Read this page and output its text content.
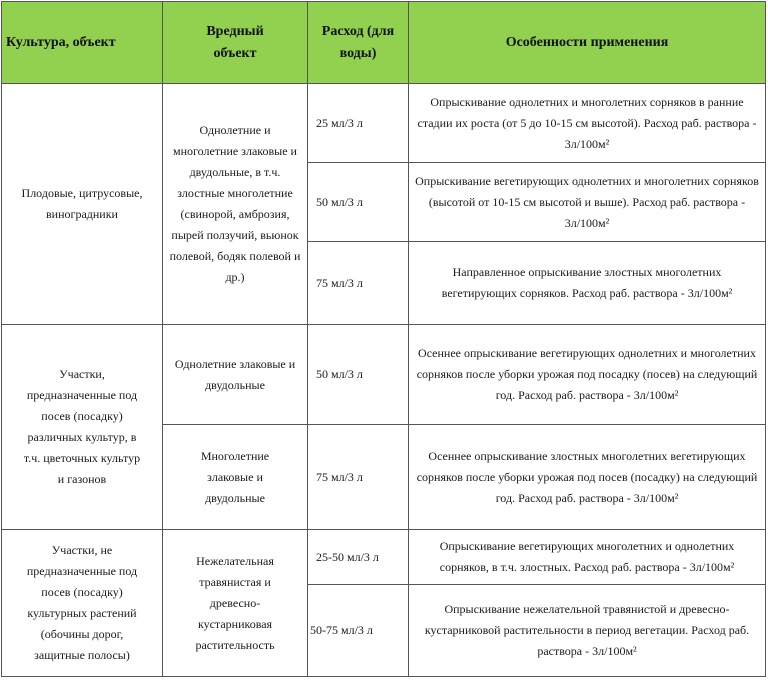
Культура, объект	Вредный объект	Расход (для воды)	Особенности применения
Плодовые, цитрусовые, виноградники	Однолетние и многолетние злаковые и двудольные, в т.ч. злостные многолетние (свинорой, амброзия, пырей ползучий, вьюнок полевой, бодяк полевой и др.)	25 мл/3 л	Опрыскивание однолетних и многолетних сорняков в ранние стадии их роста (от 5 до 10-15 см высотой). Расход раб. раствора - 3л/100м²
		50 мл/3 л	Опрыскивание вегетирующих однолетних и многолетних сорняков (высотой от 10-15 см высотой и выше). Расход раб. раствора - 3л/100м²
		75 мл/3 л	Направленное опрыскивание злостных многолетних вегетирующих сорняков. Расход раб. раствора - 3л/100м²
Участки, предназначенные под посев (посадку) различных культур, в т.ч. цветочных культур и газонов	Однолетние злаковые и двудольные	50 мл/3 л	Осеннее опрыскивание вегетирующих однолетних и многолетних сорняков после уборки урожая под посадку (посев) на следующий год. Расход раб. раствора - 3л/100м²
	Многолетние злаковые и двудольные	75 мл/3 л	Осеннее опрыскивание злостных многолетних вегетирующих сорняков после уборки урожая под посев (посадку) на следующий год. Расход раб. раствора - 3л/100м²
Участки, не предназначенные под посев (посадку) культурных растений (обочины дорог, защитные полосы)	Нежелательная травянистая и древесно-кустарниковая растительность	25-50 мл/3 л	Опрыскивание вегетирующих многолетних и однолетних сорняков, в т.ч. злостных. Расход раб. раствора - 3л/100м²
		50-75 мл/3 л	Опрыскивание нежелательной травянистой и древесно-кустарниковой растительности в период вегетации. Расход раб. раствора - 3л/100м²
